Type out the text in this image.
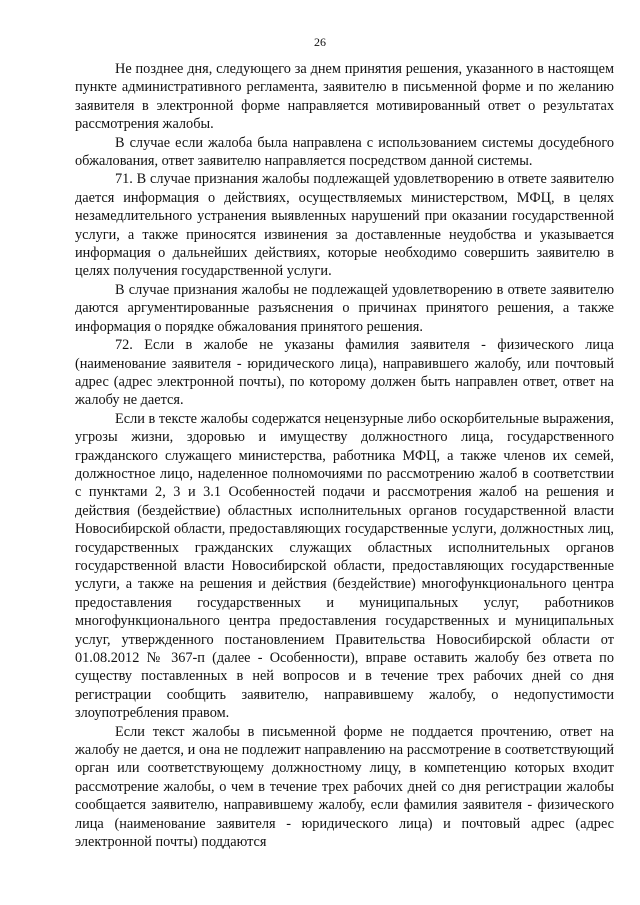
26

Не позднее дня, следующего за днем принятия решения, указанного в настоящем пункте административного регламента, заявителю в письменной форме и по желанию заявителя в электронной форме направляется мотивированный ответ о результатах рассмотрения жалобы.

В случае если жалоба была направлена с использованием системы досудебного обжалования, ответ заявителю направляется посредством данной системы.

71. В случае признания жалобы подлежащей удовлетворению в ответе заявителю дается информация о действиях, осуществляемых министерством, МФЦ, в целях незамедлительного устранения выявленных нарушений при оказании государственной услуги, а также приносятся извинения за доставленные неудобства и указывается информация о дальнейших действиях, которые необходимо совершить заявителю в целях получения государственной услуги.

В случае признания жалобы не подлежащей удовлетворению в ответе заявителю даются аргументированные разъяснения о причинах принятого решения, а также информация о порядке обжалования принятого решения.

72. Если в жалобе не указаны фамилия заявителя - физического лица (наименование заявителя - юридического лица), направившего жалобу, или почтовый адрес (адрес электронной почты), по которому должен быть направлен ответ, ответ на жалобу не дается.

Если в тексте жалобы содержатся нецензурные либо оскорбительные выражения, угрозы жизни, здоровью и имуществу должностного лица, государственного гражданского служащего министерства, работника МФЦ, а также членов их семей, должностное лицо, наделенное полномочиями по рассмотрению жалоб в соответствии с пунктами 2, 3 и 3.1 Особенностей подачи и рассмотрения жалоб на решения и действия (бездействие) областных исполнительных органов государственной власти Новосибирской области, предоставляющих государственные услуги, должностных лиц, государственных гражданских служащих областных исполнительных органов государственной власти Новосибирской области, предоставляющих государственные услуги, а также на решения и действия (бездействие) многофункционального центра предоставления государственных и муниципальных услуг, работников многофункционального центра предоставления государственных и муниципальных услуг, утвержденного постановлением Правительства Новосибирской области от 01.08.2012 № 367-п (далее - Особенности), вправе оставить жалобу без ответа по существу поставленных в ней вопросов и в течение трех рабочих дней со дня регистрации сообщить заявителю, направившему жалобу, о недопустимости злоупотребления правом.

Если текст жалобы в письменной форме не поддается прочтению, ответ на жалобу не дается, и она не подлежит направлению на рассмотрение в соответствующий орган или соответствующему должностному лицу, в компетенцию которых входит рассмотрение жалобы, о чем в течение трех рабочих дней со дня регистрации жалобы сообщается заявителю, направившему жалобу, если фамилия заявителя - физического лица (наименование заявителя - юридического лица) и почтовый адрес (адрес электронной почты) поддаются
